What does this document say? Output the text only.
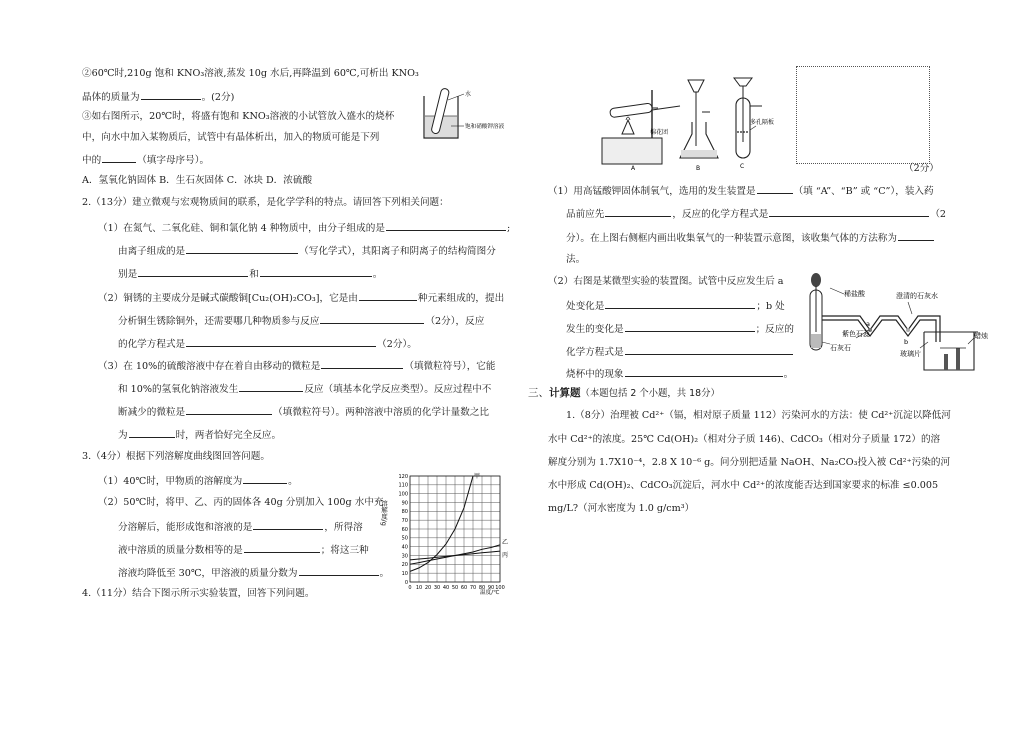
②60℃时,210g 饱和 KNO₃溶液,蒸发 10g 水后,再降温到 60℃,可析出 KNO₃
晶体的质量为	。(2分)
③如右图所示，20℃时，将盛有饱和 KNO₃溶液的小试管放入盛水的烧杯
中，向水中加入某物质后，试管中有晶体析出，加入的物质可能是下列
中的	（填字母序号）。
水
饱和硝酸钾溶液
A．氢氧化钠固体 B．生石灰固体 C．冰块 D．浓硫酸
2.（13分）建立微观与宏观物质间的联系，是化学学科的特点。请回答下列相关问题：
（1）在氮气、二氧化硅、铜和氯化钠 4 种物质中，由分子组成的是	;
由离子组成的是	（写化学式），其阳离子和阴离子的结构简图分
别是	和	。
（2）铜锈的主要成分是碱式碳酸铜[Cu₂(OH)₂CO₃]，它是由	种元素组成的，提出
分析铜生锈除铜外，还需要哪几种物质参与反应	（2分），反应
的化学方程式是	（2分）。
（3）在 10%的硫酸溶液中存在着自由移动的微粒是	（填微粒符号），它能
和 10%的氢氧化钠溶液发生	反应（填基本化学反应类型）。反应过程中不
断减少的微粒是	（填微粒符号）。两种溶液中溶质的化学计量数之比
为	时，两者恰好完全反应。
3.（4分）根据下列溶解度曲线图回答问题。
（1）40℃时，甲物质的溶解度为	。
（2）50℃时，将甲、乙、丙的固体各 40g 分别加入 100g 水中充
分溶解后，能形成饱和溶液的是	，所得溶
液中溶质的质量分数相等的是	；将这三种
溶液均降低至 30℃，甲溶液的质量分数为	。
4.（11分）结合下图示所示实验装置，回答下列问题。
甲
乙
丙
0 10 20 30 40 50 60 70 80 90 100
0
10
20
30
40
50
60
70
80
90
100
110
120
溶解度/g
温度/℃
棉花团
A	B
多孔隔板
C	（2分）
（1）用高锰酸钾固体制氧气，选用的发生装置是	（填 “A”、“B” 或 “C”），装入药
品前应先	，反应的化学方程式是	（2
分）。在上图右侧框内画出收集氧气的一种装置示意图，该收集气体的方法称为
法。
（2）右图是某微型实验的装置图。试管中反应发生后 a
处变化是	；b 处
发生的变化是	；反应的
化学方程式是
烧杯中的现象	。
稀盐酸	澄清的石灰水
紫色石蕊
石灰石
玻璃片
蜡烛
a
b
三、计算题（本题包括 2 个小题，共 18分）
1.（8分）治理被 Cd²⁺（镉，相对原子质量 112）污染河水的方法：使 Cd²⁺沉淀以降低河
水中 Cd²⁺的浓度。25℃ Cd(OH)₂（相对分子质 146)、CdCO₃（相对分子质量 172）的溶
解度分别为 1.7X10⁻⁴，2.8 X 10⁻⁶ g。问分别把适量 NaOH、Na₂CO₃投入被 Cd²⁺污染的河
水中形成 Cd(OH)₂、CdCO₃沉淀后，河水中 Cd²⁺的浓度能否达到国家要求的标准 ≤0.005
mg/L?（河水密度为 1.0 g/cm³）
